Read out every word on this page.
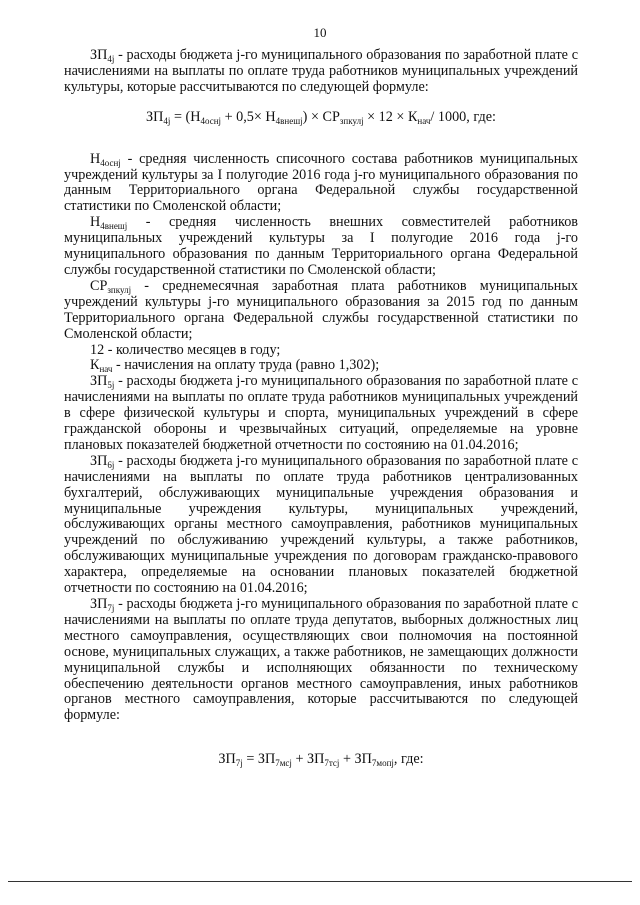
10

$ЗП_{4j}$ - расходы бюджета j-го муниципального образования по заработной плате с начислениями на выплаты по оплате труда работников муниципальных учреждений культуры, которые рассчитываются по следующей формуле:

$ЗП_{4j} = (Н_{4оснj} + 0,5\times Н_{4внешj}) \times СР_{зпкулj} \times 12 \times К_{нач}/$ 1000, где:

$Н_{4оснj}$ - средняя численность списочного состава работников муниципальных учреждений культуры за I полугодие 2016 года j-го муниципального образования по данным Территориального органа Федеральной службы государственной статистики по Смоленской области;

$Н_{4внешj}$ - средняя численность внешних совместителей работников муниципальных учреждений культуры за I полугодие 2016 года j-го муниципального образования по данным Территориального органа Федеральной службы государственной статистики по Смоленской области;

$СР_{зпкулj}$ - среднемесячная заработная плата работников муниципальных учреждений культуры j-го муниципального образования за 2015 год по данным Территориального органа Федеральной службы государственной статистики по Смоленской области;

12 - количество месяцев в году;

$К_{нач}$ - начисления на оплату труда (равно 1,302);

$ЗП_{5j}$ - расходы бюджета j-го муниципального образования по заработной плате с начислениями на выплаты по оплате труда работников муниципальных учреждений в сфере физической культуры и спорта, муниципальных учреждений в сфере гражданской обороны и чрезвычайных ситуаций, определяемые на уровне плановых показателей бюджетной отчетности по состоянию на 01.04.2016;

$ЗП_{6j}$ - расходы бюджета j-го муниципального образования по заработной плате с начислениями на выплаты по оплате труда работников централизованных бухгалтерий, обслуживающих муниципальные учреждения образования и муниципальные учреждения культуры, муниципальных учреждений, обслуживающих органы местного самоуправления, работников муниципальных учреждений по обслуживанию учреждений культуры, а также работников, обслуживающих муниципальные учреждения по договорам гражданско-правового характера, определяемые на основании плановых показателей бюджетной отчетности по состоянию на 01.04.2016;

$ЗП_{7j}$ - расходы бюджета j-го муниципального образования по заработной плате с начислениями на выплаты по оплате труда депутатов, выборных должностных лиц местного самоуправления, осуществляющих свои полномочия на постоянной основе, муниципальных служащих, а также работников, не замещающих должности муниципальной службы и исполняющих обязанности по техническому обеспечению деятельности органов местного самоуправления, иных работников органов местного самоуправления, которые рассчитываются по следующей формуле:

$ЗП_{7j} = ЗП_{7мсj} + ЗП_{7тсj} + ЗП_{7мопj}$, где:
